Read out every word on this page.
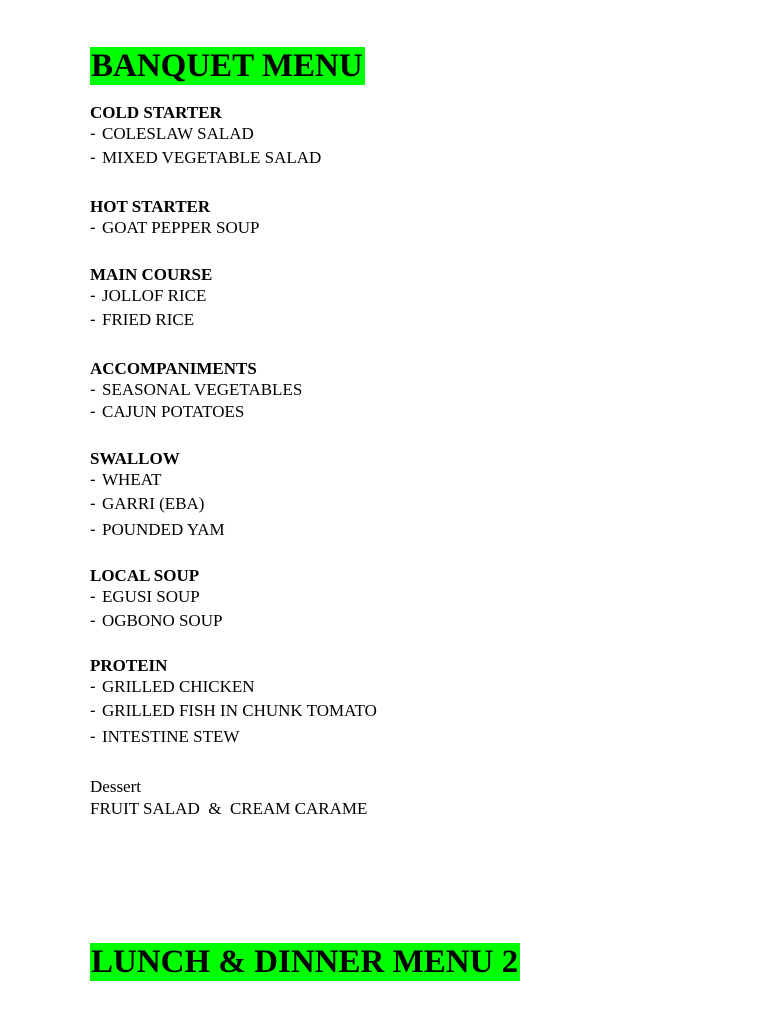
BANQUET MENU
COLD STARTER
- COLESLAW SALAD
- MIXED VEGETABLE SALAD
HOT STARTER
- GOAT PEPPER SOUP
MAIN COURSE
- JOLLOF RICE
- FRIED RICE
ACCOMPANIMENTS
- SEASONAL VEGETABLES
- CAJUN POTATOES
SWALLOW
- WHEAT
- GARRI (EBA)
- POUNDED YAM
LOCAL SOUP
- EGUSI SOUP
- OGBONO SOUP
PROTEIN
- GRILLED CHICKEN
- GRILLED FISH IN CHUNK TOMATO
- INTESTINE STEW
Dessert
FRUIT SALAD  &  CREAM CARAME
LUNCH & DINNER MENU 2
